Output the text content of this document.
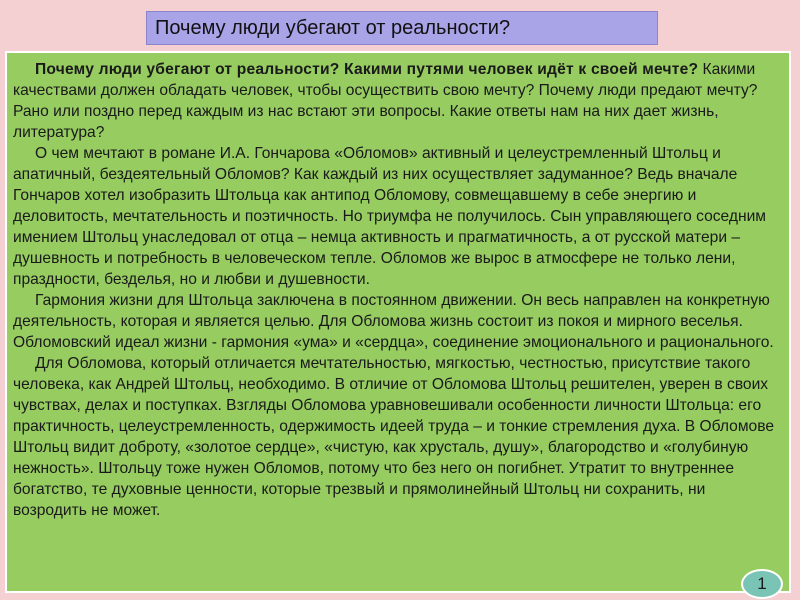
Почему люди убегают от реальности?

Почему люди убегают от реальности? Какими путями человек идёт к своей мечте? Какими качествами должен обладать человек, чтобы осуществить свою мечту? Почему люди предают мечту? Рано или поздно перед каждым из нас встают эти вопросы. Какие ответы нам на них дает жизнь, литература?

О чем мечтают в романе И.А. Гончарова «Обломов» активный и целеустремленный Штольц и апатичный, бездеятельный Обломов? Как каждый из них осуществляет задуманное? Ведь вначале Гончаров хотел изобразить Штольца как антипод Обломову, совмещавшему в себе энергию и деловитость, мечтательность и поэтичность. Но триумфа не получилось. Сын управляющего соседним имением Штольц унаследовал от отца – немца активность и прагматичность, а от русской матери – душевность и потребность в человеческом тепле. Обломов же вырос в атмосфере не только лени, праздности, безделья, но и любви и душевности.

Гармония жизни для Штольца заключена в постоянном движении. Он весь направлен на конкретную деятельность, которая и является целью. Для Обломова жизнь состоит из покоя и мирного веселья. Обломовский идеал жизни - гармония «ума» и «сердца», соединение эмоционального и рационального.

Для Обломова, который отличается мечтательностью, мягкостью, честностью, присутствие такого человека, как Андрей Штольц, необходимо. В отличие от Обломова Штольц решителен, уверен в своих чувствах, делах и поступках. Взгляды Обломова уравновешивали особенности личности Штольца: его практичность, целеустремленность, одержимость идеей труда – и тонкие стремления духа. В Обломове Штольц видит доброту, «золотое сердце», «чистую, как хрусталь, душу», благородство и «голубиную нежность». Штольцу тоже нужен Обломов, потому что без него он погибнет. Утратит то внутреннее богатство, те духовные ценности, которые трезвый и прямолинейный Штольц ни сохранить, ни возродить не может.

1
